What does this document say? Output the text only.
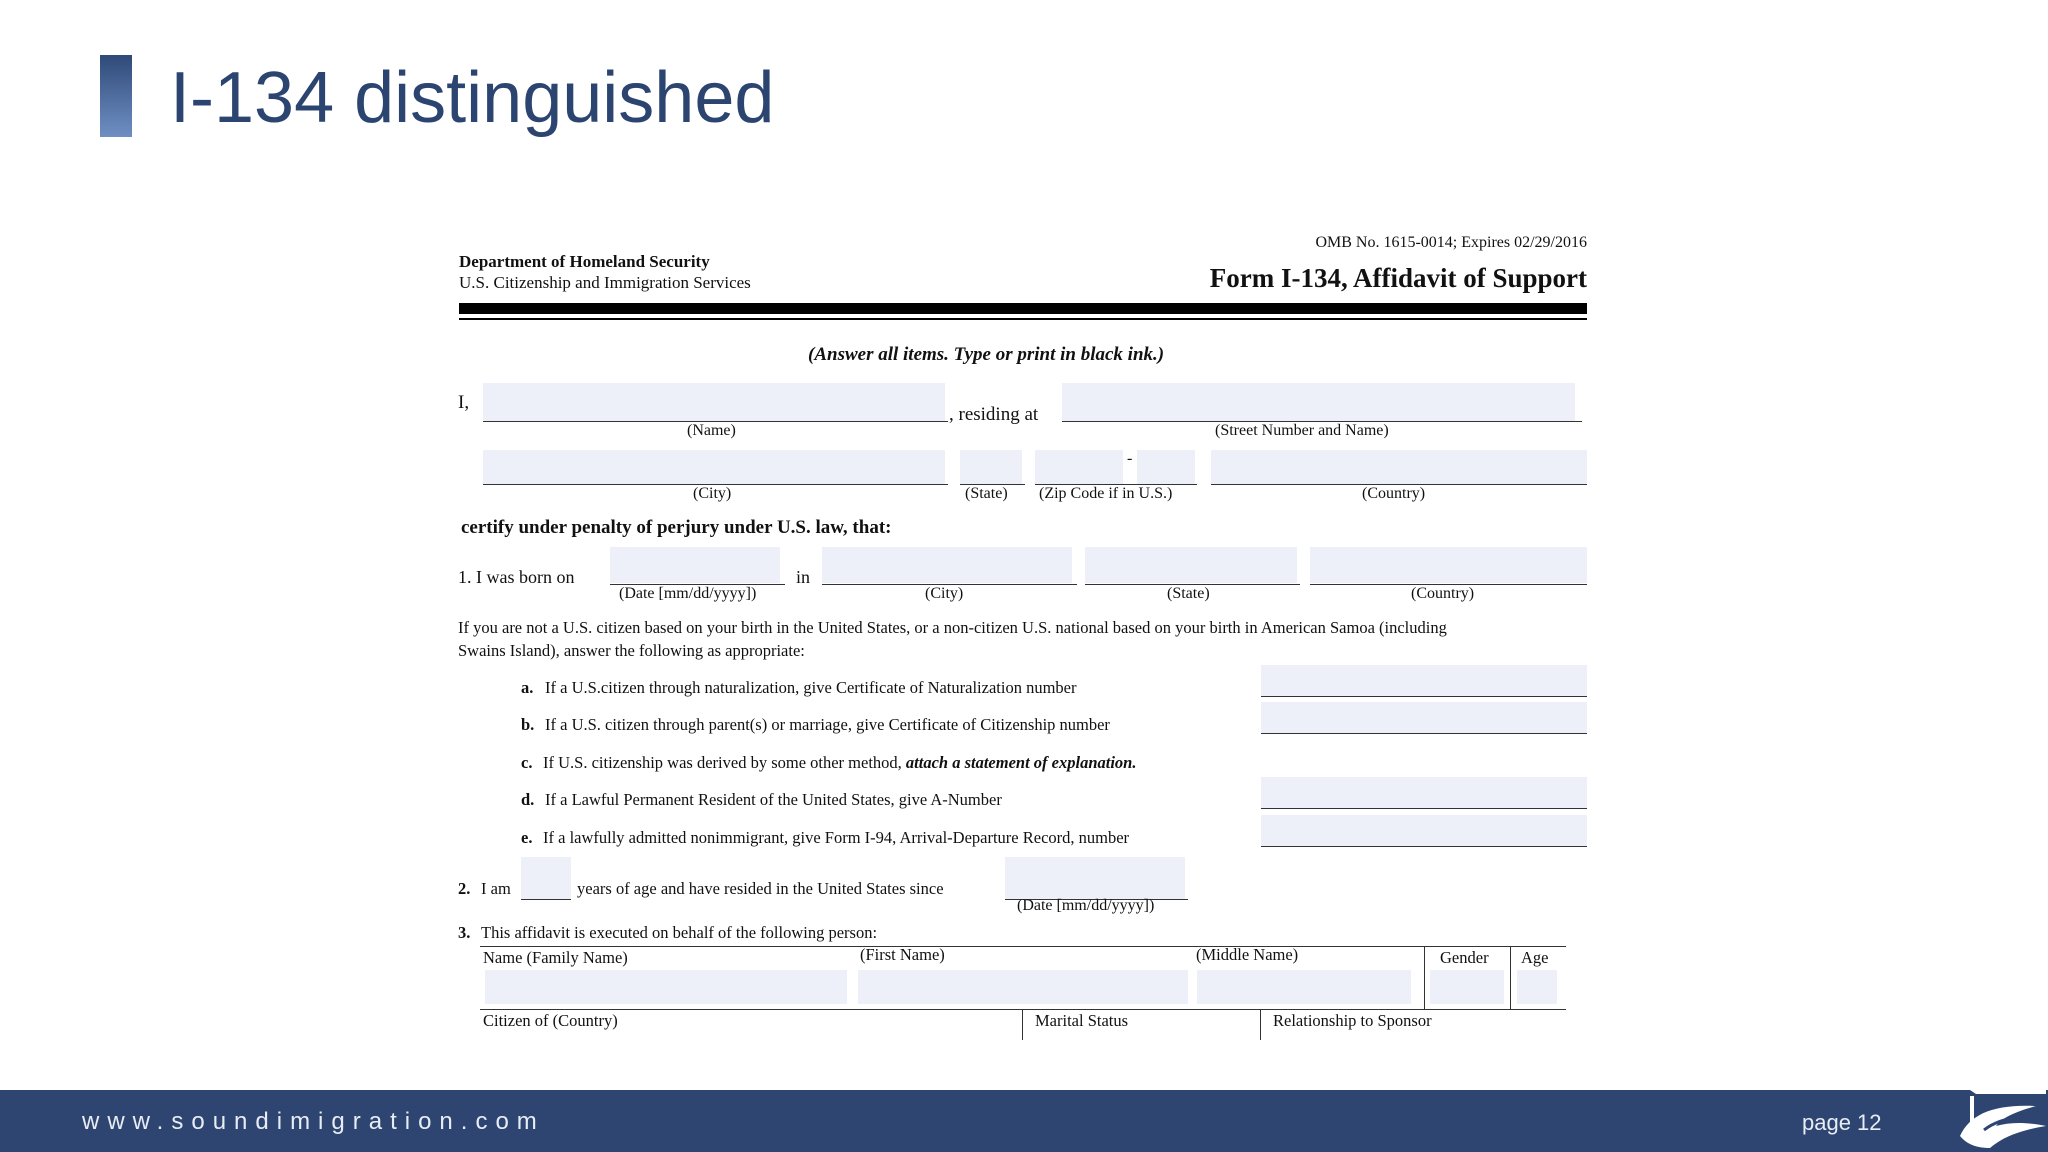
I-134 distinguished
OMB No. 1615-0014; Expires 02/29/2016
Department of Homeland Security
U.S. Citizenship and Immigration Services	Form I-134, Affidavit of Support
(Answer all items. Type or print in black ink.)
I,
, residing at
(Name)	(Street Number and Name)
-
(City)	(State) (Zip Code if in U.S.)	(Country)
certify under penalty of perjury under U.S. law, that:
1. I was born on	in
(Date [mm/dd/yyyy])	(City)	(State)	(Country)
If you are not a U.S. citizen based on your birth in the United States, or a non-citizen U.S. national based on your birth in American Samoa (including
Swains Island), answer the following as appropriate:
a. If a U.S.citizen through naturalization, give Certificate of Naturalization number
b. If a U.S. citizen through parent(s) or marriage, give Certificate of Citizenship number
c. If U.S. citizenship was derived by some other method, attach a statement of explanation.
d. If a Lawful Permanent Resident of the United States, give A-Number
e. If a lawfully admitted nonimmigrant, give Form I-94, Arrival-Departure Record, number
2. I am	years of age and have resided in the United States since
(Date [mm/dd/yyyy])
3. This affidavit is executed on behalf of the following person:
Name (Family Name)	(First Name)	(Middle Name)	Gender Age
Citizen of (Country)	Marital Status	Relationship to Sponsor
www.soundimigration.com	page 12
